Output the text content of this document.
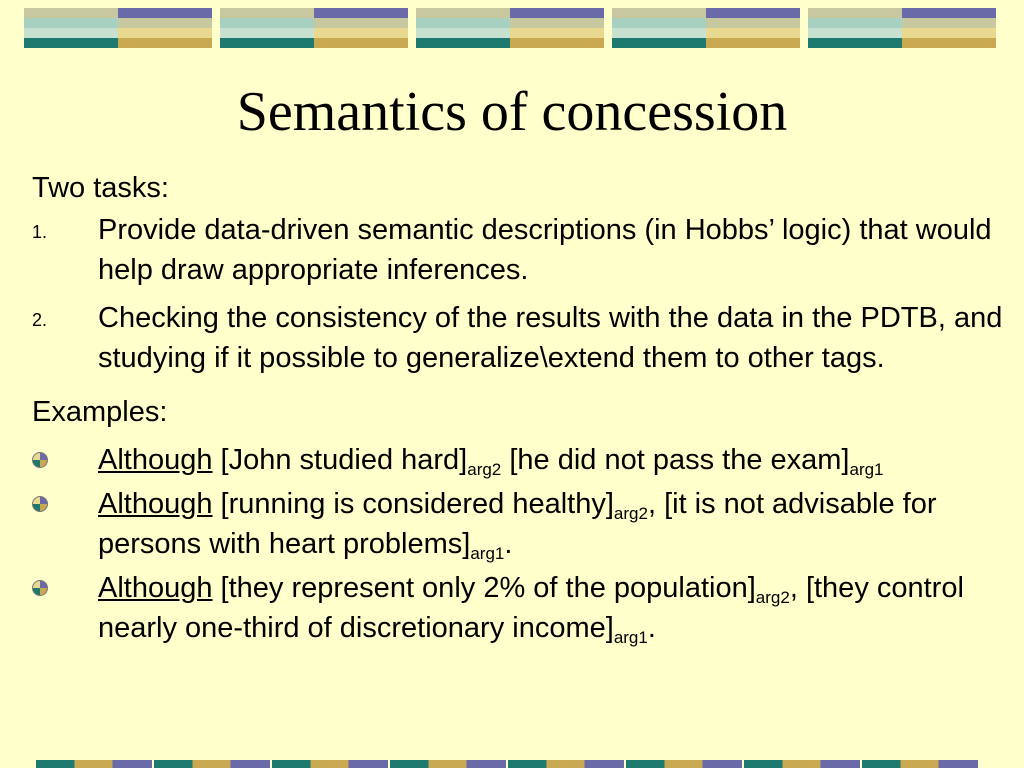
Semantics of concession

Two tasks:

1. Provide data-driven semantic descriptions (in Hobbs’ logic) that would help draw appropriate inferences.
2. Checking the consistency of the results with the data in the PDTB, and studying if it possible to generalize\extend them to other tags.

Examples:

Although [John studied $hard]_{arg2}$ [he did not pass the $exam]_{arg1}$
Although [running is considered $healthy]_{arg2}$, [it is not advisable for persons with heart $problems]_{arg1}$.
Although [they represent only 2% of the $population]_{arg2}$, [they control nearly one-third of discretionary $income]_{arg1}$.
